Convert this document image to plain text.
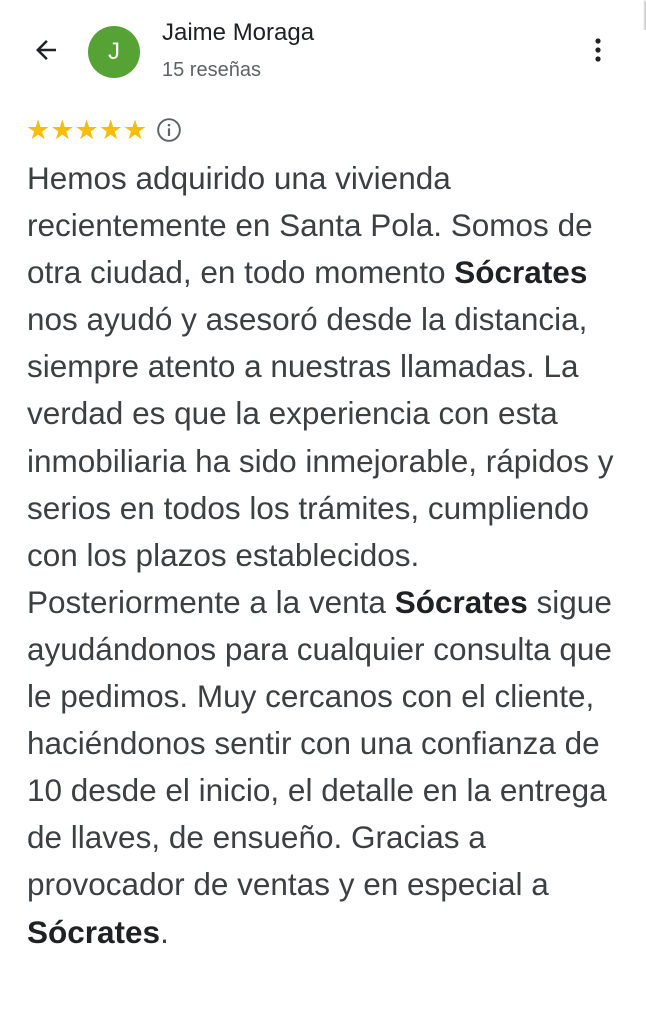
J
Jaime Moraga
15 reseñas
★ ★ ★ ★ ★

Hemos adquirido una vivienda recientemente en Santa Pola. Somos de otra ciudad, en todo momento Sócrates nos ayudó y asesoró desde la distancia, siempre atento a nuestras llamadas. La verdad es que la experiencia con esta inmobiliaria ha sido inmejorable, rápidos y serios en todos los trámites, cumpliendo con los plazos establecidos. Posteriormente a la venta Sócrates sigue ayudándonos para cualquier consulta que le pedimos. Muy cercanos con el cliente, haciéndonos sentir con una confianza de 10 desde el inicio, el detalle en la entrega de llaves, de ensueño. Gracias a provocador de ventas y en especial a Sócrates.
